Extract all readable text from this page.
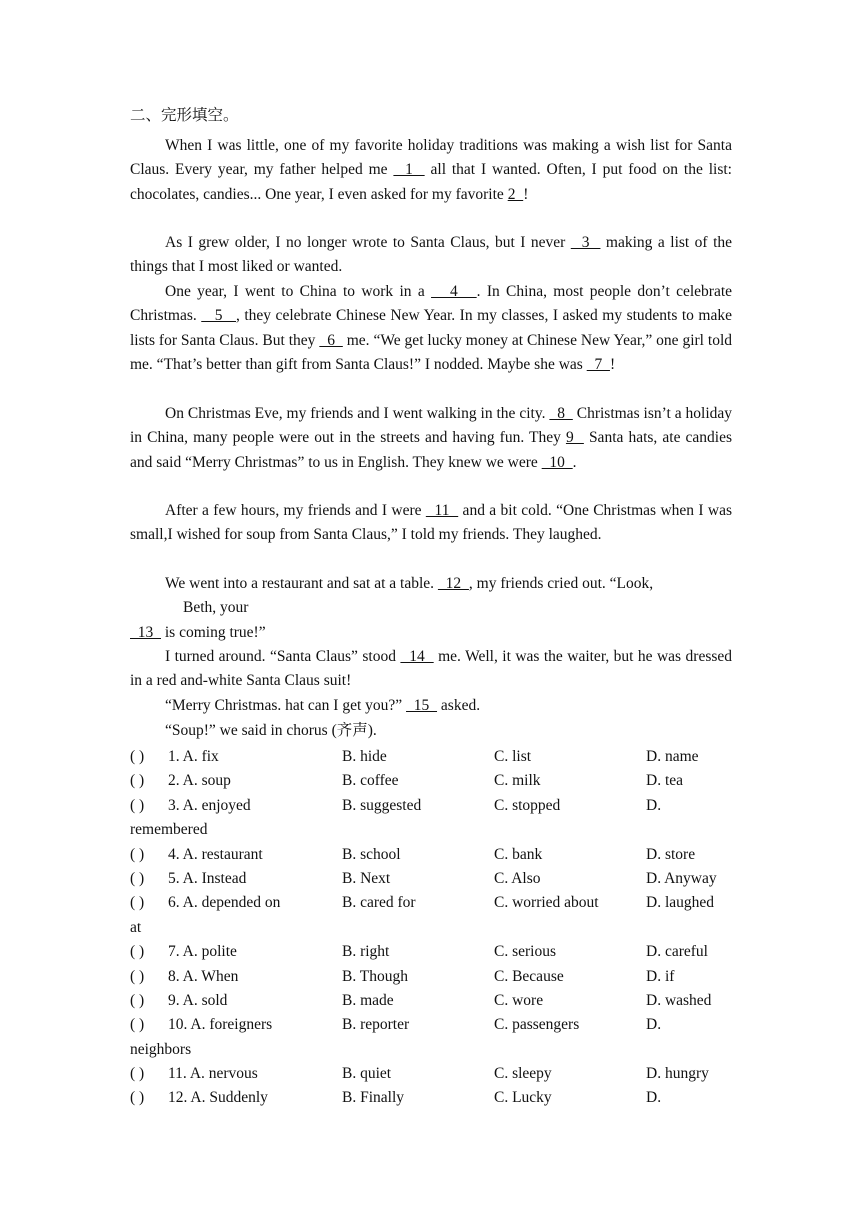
二、完形填空。
When I was little, one of my favorite holiday traditions was making a wish list for Santa Claus. Every year, my father helped me   1   all that I wanted. Often, I put food on the list: chocolates, candies... One year, I even asked for my favorite 2  !
As I grew older, I no longer wrote to Santa Claus, but I never   3   making a list of the things that I most liked or wanted.
One year, I went to China to work in a    4   . In China, most people don’t celebrate Christmas.    5   , they celebrate Chinese New Year. In my classes, I asked my students to make lists for Santa Claus. But they   6   me. “We get lucky money at Chinese New Year,” one girl told me. “That’s better than gift from Santa Claus!” I nodded. Maybe she was   7  !
On Christmas Eve, my friends and I went walking in the city.   8   Christmas isn’t a holiday in China, many people were out in the streets and having fun. They 9   Santa hats, ate candies and said “Merry Christmas” to us in English. They knew we were   10  .
After a few hours, my friends and I were   11   and a bit cold. “One Christmas when I was small,I wished for soup from Santa Claus,” I told my friends. They laughed.
We went into a restaurant and sat at a table.   12  , my friends cried out. “Look,
Beth, your
13   is coming true!”
I turned around. “Santa Claus” stood   14   me. Well, it was the waiter, but he was dressed in a red and-white Santa Claus suit!
“Merry Christmas. hat can I get you?”   15   asked.
“Soup!” we said in chorus (齐声).
( ) 1. A. fix	B. hide	C. list	D. name
( ) 2. A. soup	B. coffee	C. milk	D. tea
( ) 3. A. enjoyed	B. suggested	C. stopped	D.
remembered
( ) 4. A. restaurant	B. school	C. bank	D. store
( ) 5. A. Instead	B. Next	C. Also	D. Anyway
( ) 6. A. depended on	B. cared for	C. worried about	D. laughed
at
( ) 7. A. polite	B. right	C. serious	D. careful
( ) 8. A. When	B. Though	C. Because	D. if
( ) 9. A. sold	B. made	C. wore	D. washed
( ) 10. A. foreigners	B. reporter	C. passengers	D.
neighbors
( ) 11. A. nervous	B. quiet	C. sleepy	D. hungry
( ) 12. A. Suddenly	B. Finally	C. Lucky	D.
